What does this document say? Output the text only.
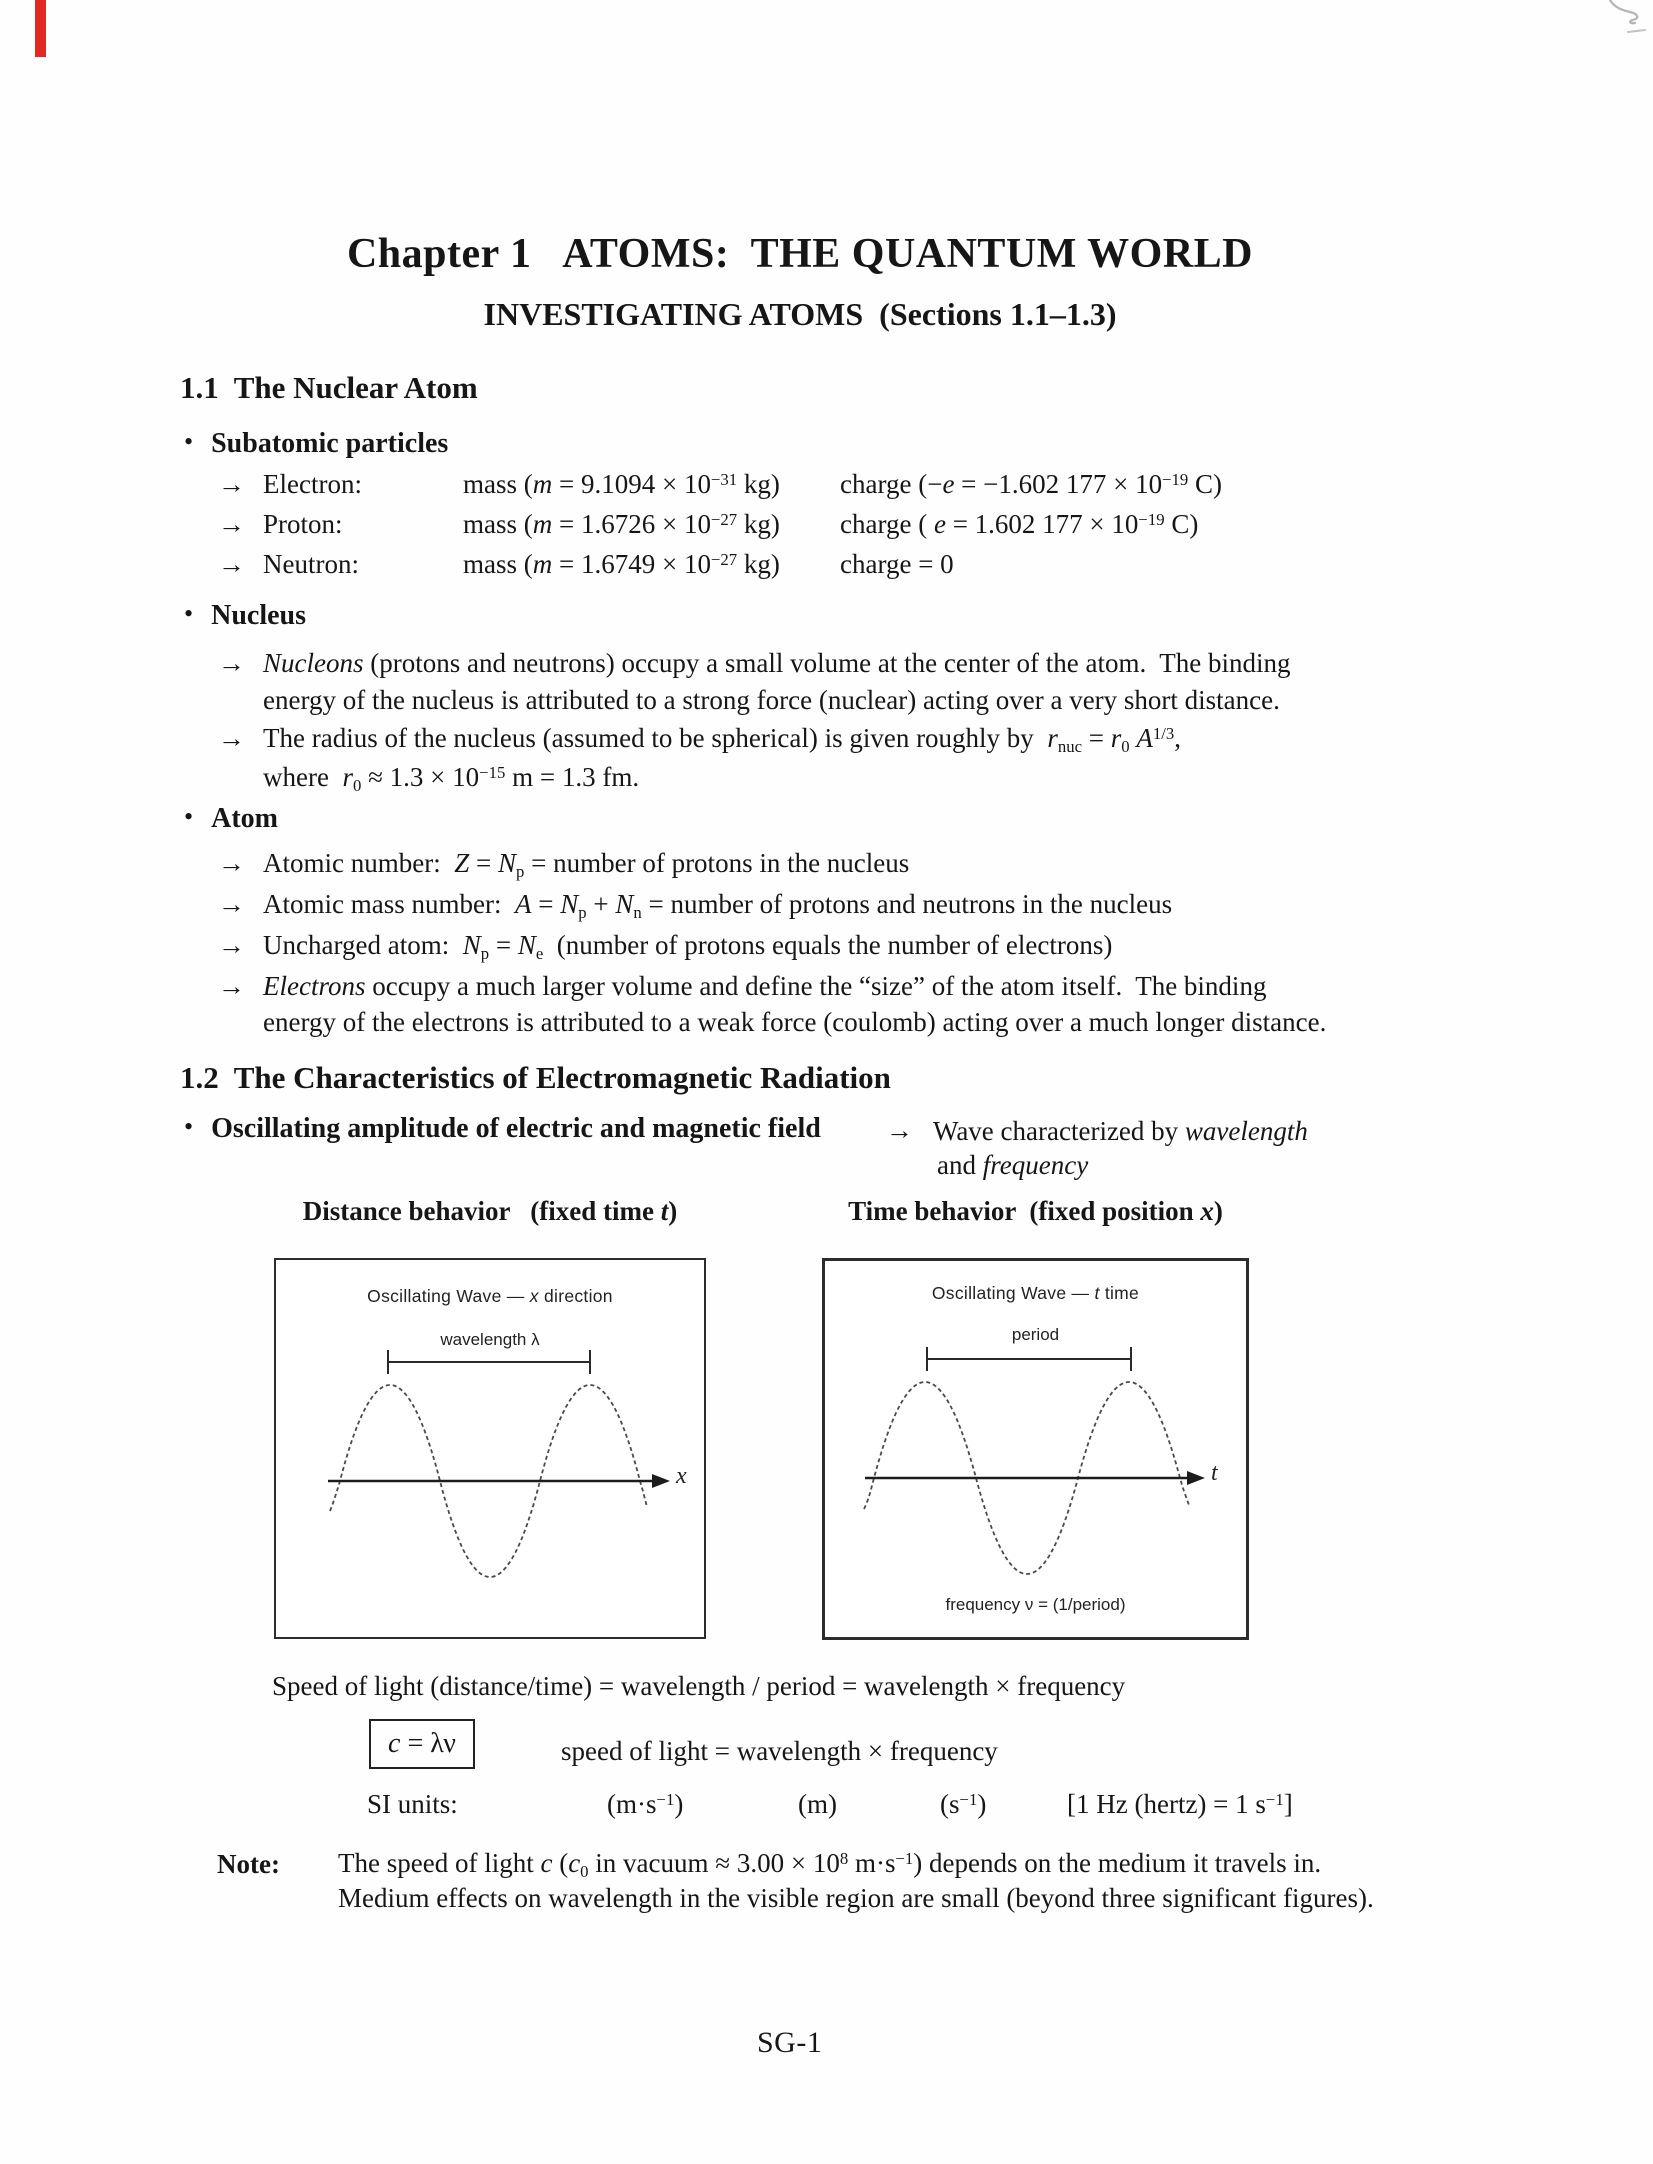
Chapter 1   ATOMS:  THE QUANTUM WORLD
INVESTIGATING ATOMS  (Sections 1.1–1.3)
1.1  The Nuclear Atom
• Subatomic particles
→ Electron:	mass ($m = 9.1094 \times 10^{-31}$ kg) charge (−e = −1.602 $177 \times 10^{-19}$ C)
→ Proton:	mass ($m = 1.6726 \times 10^{-27}$ kg) charge ( e = 1.602 $177 \times 10^{-19}$ C)
→ Neutron:	mass ($m = 1.6749 \times 10^{-27}$ kg) charge = 0
• Nucleus
→ Nucleons (protons and neutrons) occupy a small volume at the center of the atom.  The binding
energy of the nucleus is attributed to a strong force (nuclear) acting over a very short distance.
→ The radius of the nucleus (assumed to be spherical) is given roughly by  $r_{nuc} = r_0$ $A^{1/3}$,
where  $r_0 \approx 1.3 \times 10^{-15}$ m = 1.3 fm.
• Atom
→ Atomic number:  $Z = N_p$ = number of protons in the nucleus
→ Atomic mass number:  $A = N_p + N_n$ = number of protons and neutrons in the nucleus
→ Uncharged atom:  $N_p = N_e$  (number of protons equals the number of electrons)
→ Electrons occupy a much larger volume and define the “size” of the atom itself.  The binding
energy of the electrons is attributed to a weak force (coulomb) acting over a much longer distance.
1.2  The Characteristics of Electromagnetic Radiation
• Oscillating amplitude of electric and magnetic field → Wave characterized by wavelength
and frequency
Distance behavior   (fixed time t)	Time behavior  (fixed position x)
Oscillating Wave — x direction
wavelength λ
x
Oscillating Wave — t time
period
t
frequency ν = (1/period)
Speed of light (distance/time) = wavelength / period = wavelength × frequency
c = λν	speed of light = wavelength × frequency
SI units:	$(m\cdot s^{-1})$	(m)	$(s^{-1})$	[1 Hz (hertz) = 1 $s^{-1}$]
Note: The speed of light c ($c_0$ in vacuum ≈ $3.00 \times 10^8$ $m\cdot s^{-1}$) depends on the medium it travels in.
Medium effects on wavelength in the visible region are small (beyond three significant figures).
SG-1
